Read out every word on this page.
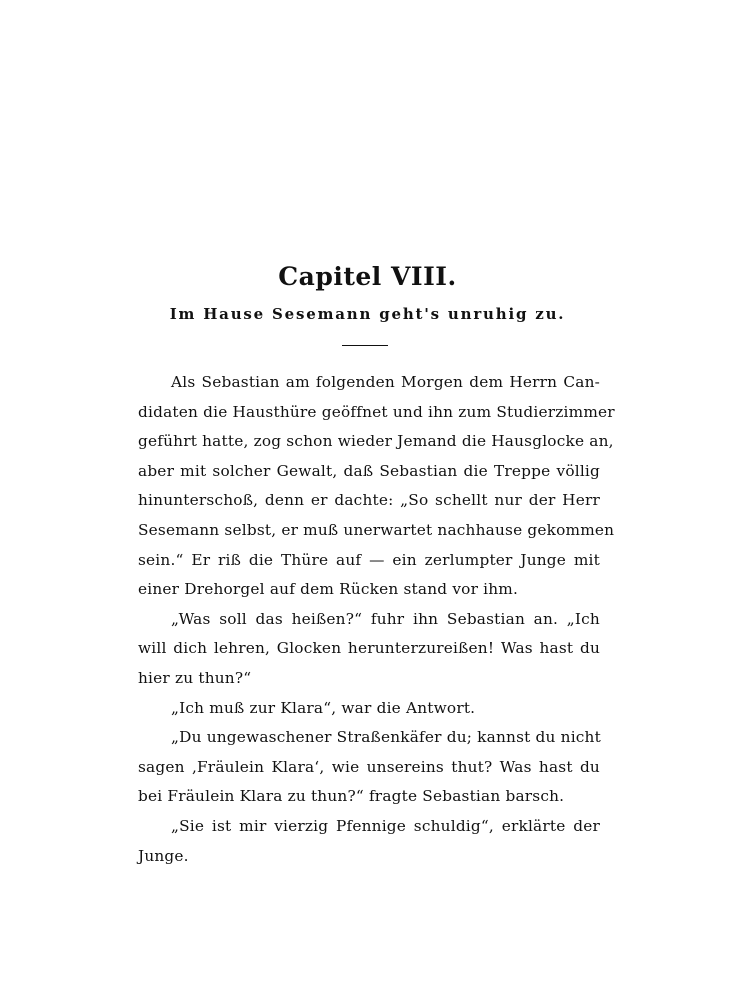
Capitel VIII.
Im Hause Sesemann geht's unruhig zu.
Als Sebastian am folgenden Morgen dem Herrn Can-
didaten die Hausthüre geöffnet und ihn zum Studierzimmer
geführt hatte, zog schon wieder Jemand die Hausglocke an,
aber mit solcher Gewalt, daß Sebastian die Treppe völlig
hinunterschoß, denn er dachte: „So schellt nur der Herr
Sesemann selbst, er muß unerwartet nachhause gekommen
sein.“ Er riß die Thüre auf — ein zerlumpter Junge mit
einer Drehorgel auf dem Rücken stand vor ihm.
„Was soll das heißen?“ fuhr ihn Sebastian an. „Ich
will dich lehren, Glocken herunterzureißen! Was hast du
hier zu thun?“
„Ich muß zur Klara“, war die Antwort.
„Du ungewaschener Straßenkäfer du; kannst du nicht
sagen ‚Fräulein Klara‘, wie unsereins thut? Was hast du
bei Fräulein Klara zu thun?“ fragte Sebastian barsch.
„Sie ist mir vierzig Pfennige schuldig“, erklärte der
Junge.
